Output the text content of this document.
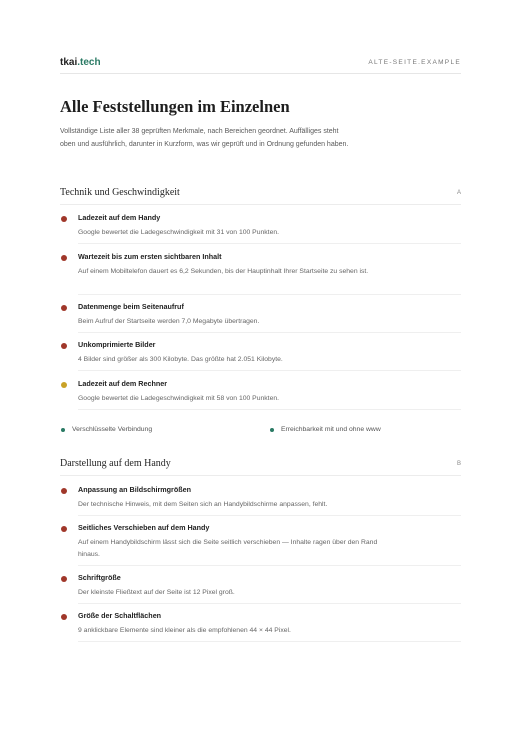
tkai.tech	ALTE-SEITE.EXAMPLE
Alle Feststellungen im Einzelnen

Vollständige Liste aller 38 geprüften Merkmale, nach Bereichen geordnet. Auffälliges steht oben und ausführlich, darunter in Kurzform, was wir geprüft und in Ordnung gefunden haben.

Technik und Geschwindigkeit	A
Ladezeit auf dem Handy
Google bewertet die Ladegeschwindigkeit mit 31 von 100 Punkten.
Wartezeit bis zum ersten sichtbaren Inhalt
Auf einem Mobiltelefon dauert es 6,2 Sekunden, bis der Hauptinhalt Ihrer Startseite zu sehen ist.
Datenmenge beim Seitenaufruf
Beim Aufruf der Startseite werden 7,0 Megabyte übertragen.
Unkomprimierte Bilder
4 Bilder sind größer als 300 Kilobyte. Das größte hat 2.051 Kilobyte.
Ladezeit auf dem Rechner
Google bewertet die Ladegeschwindigkeit mit 58 von 100 Punkten.
Verschlüsselte Verbindung	Erreichbarkeit mit und ohne www
Darstellung auf dem Handy	B
Anpassung an Bildschirmgrößen
Der technische Hinweis, mit dem Seiten sich an Handybildschirme anpassen, fehlt.
Seitliches Verschieben auf dem Handy
Auf einem Handybildschirm lässt sich die Seite seitlich verschieben — Inhalte ragen über den Rand hinaus.
Schriftgröße
Der kleinste Fließtext auf der Seite ist 12 Pixel groß.
Größe der Schaltflächen
9 anklickbare Elemente sind kleiner als die empfohlenen 44 × 44 Pixel.
